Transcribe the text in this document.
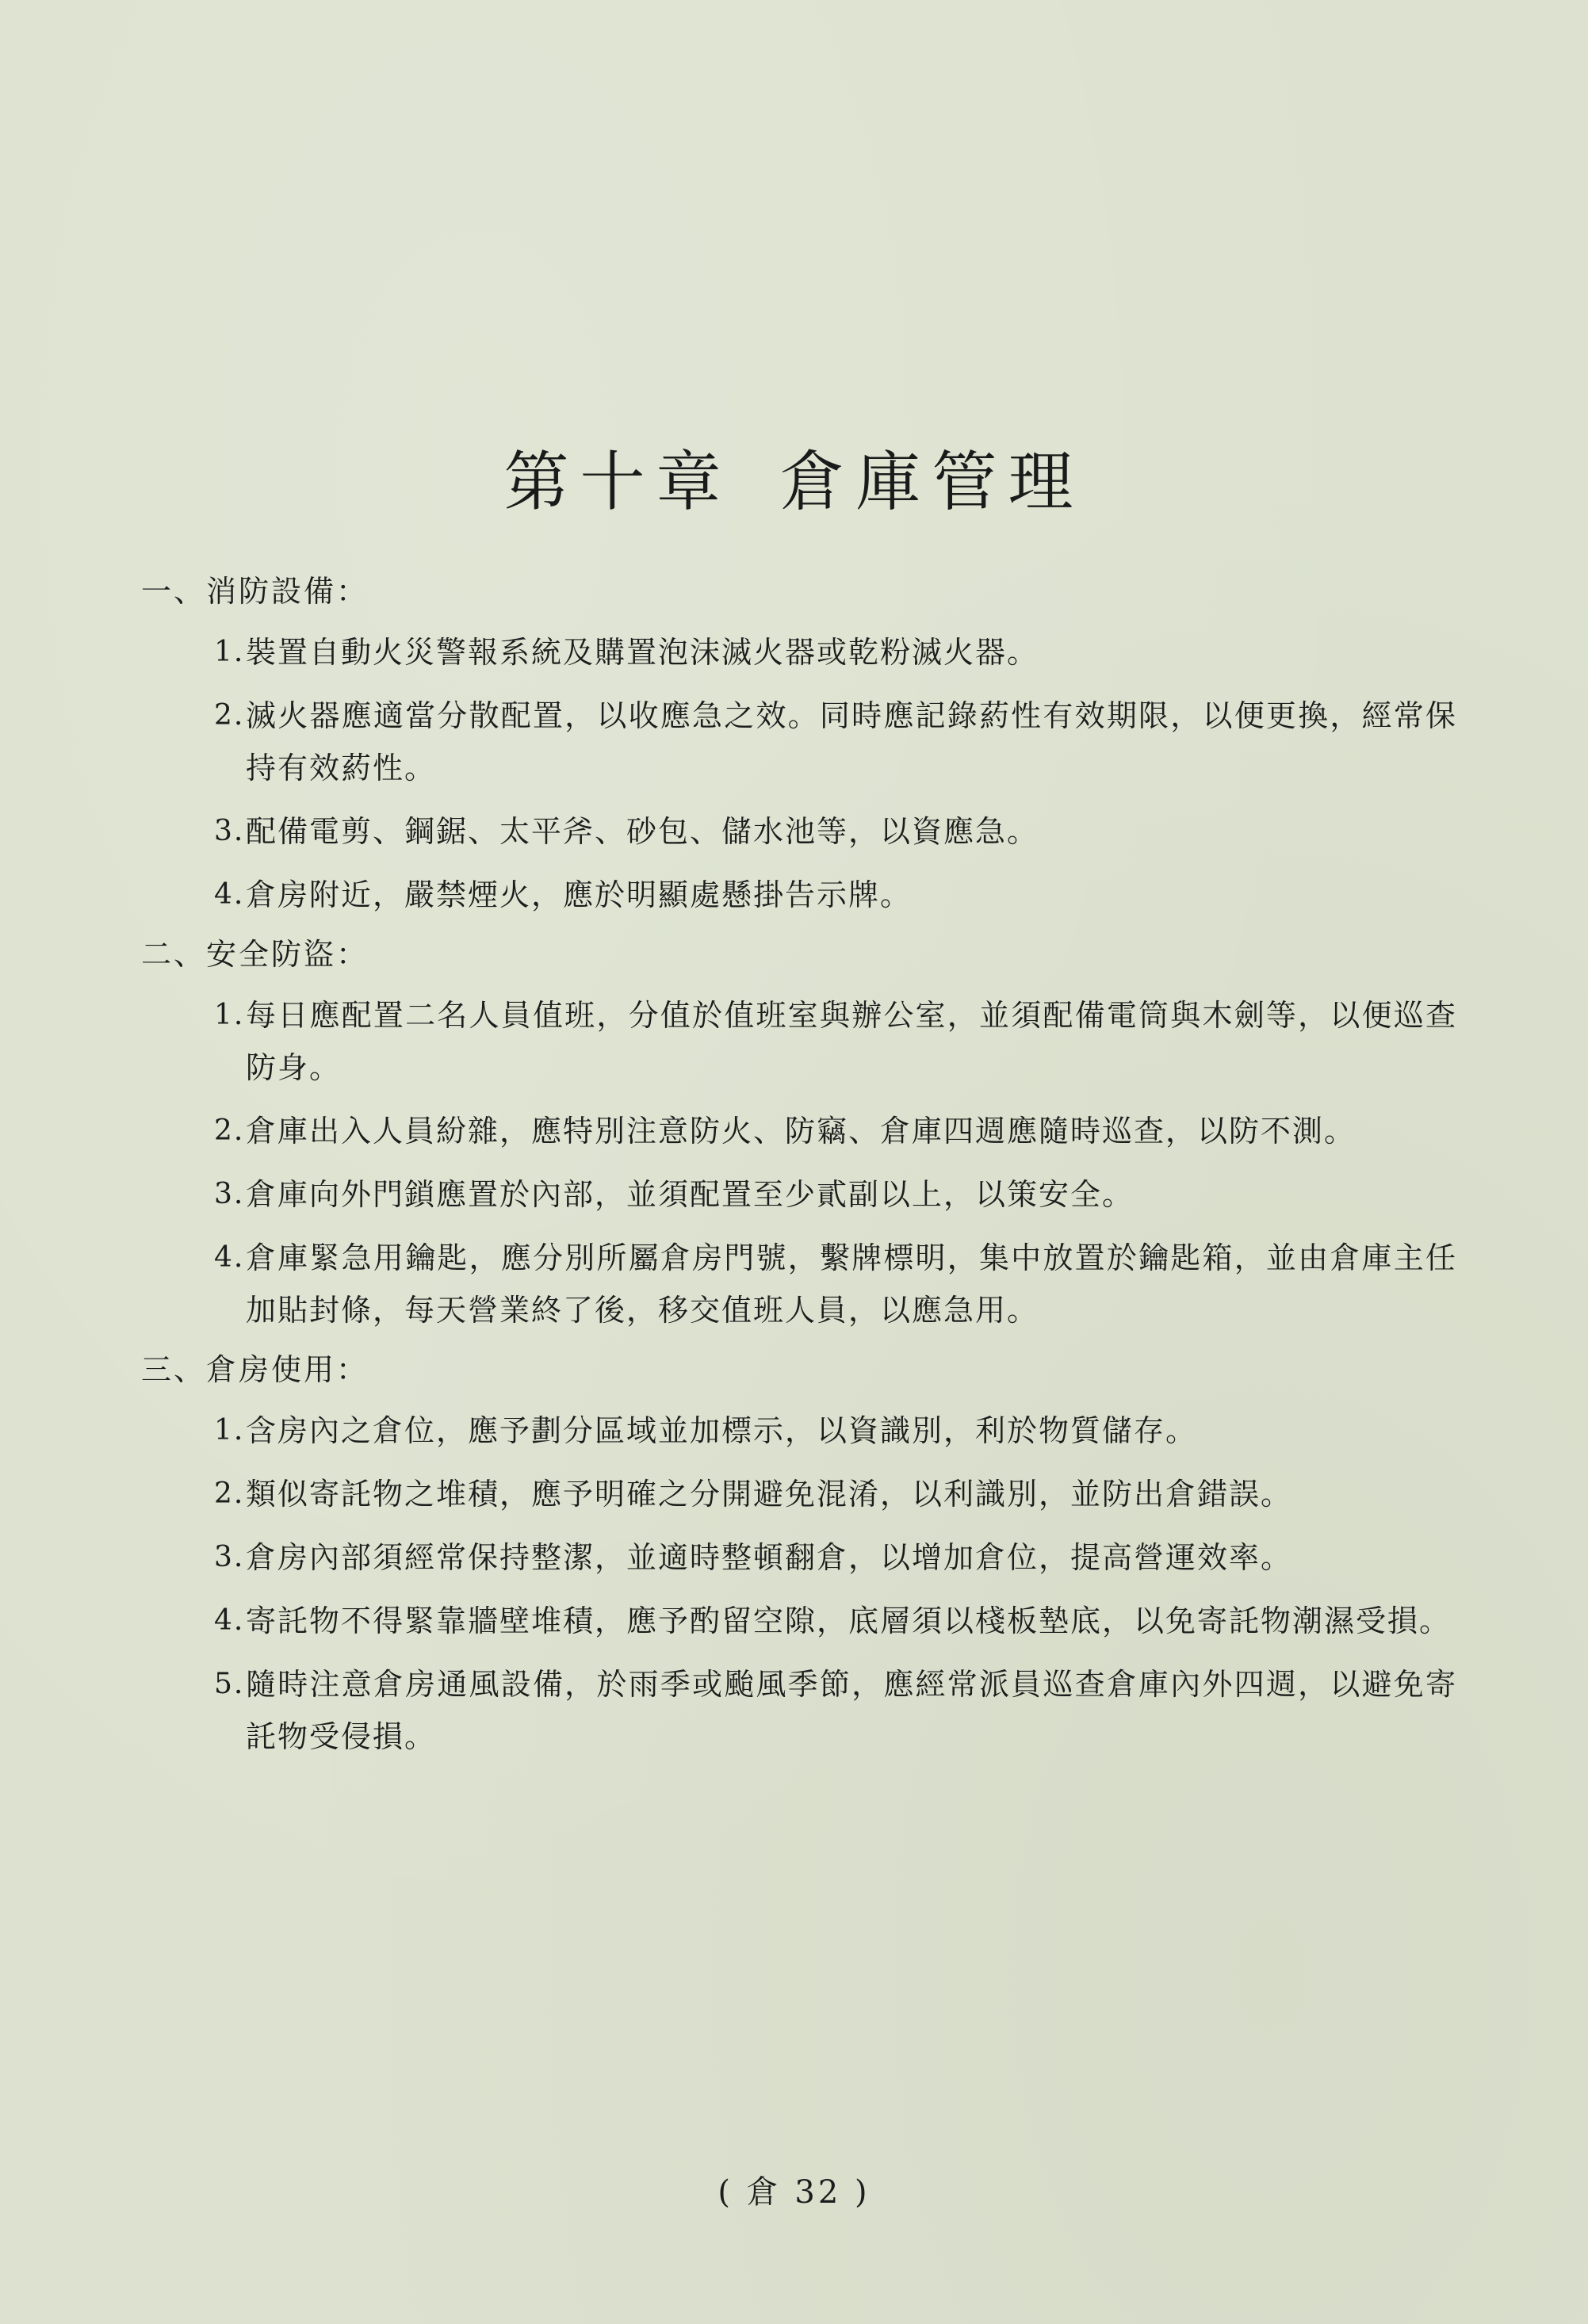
第十章 倉庫管理
一、消防設備：
1. 裝置自動火災警報系統及購置泡沫滅火器或乾粉滅火器。
2. 滅火器應適當分散配置，以收應急之效。同時應記錄葯性有效期限，以便更換，經常保持有效葯性。
3. 配備電剪、鋼鋸、太平斧、砂包、儲水池等，以資應急。
4. 倉房附近，嚴禁煙火，應於明顯處懸掛告示牌。
二、安全防盜：
1. 每日應配置二名人員值班，分值於值班室與辦公室，並須配備電筒與木劍等，以便巡查防身。
2. 倉庫出入人員紛雜，應特別注意防火、防竊、倉庫四週應隨時巡查，以防不測。
3. 倉庫向外門鎖應置於內部，並須配置至少貳副以上，以策安全。
4. 倉庫緊急用鑰匙，應分別所屬倉房門號，繫牌標明，集中放置於鑰匙箱，並由倉庫主任加貼封條，每天營業終了後，移交值班人員，以應急用。
三、倉房使用：
1. 含房內之倉位，應予劃分區域並加標示，以資識別，利於物質儲存。
2. 類似寄託物之堆積，應予明確之分開避免混淆，以利識別，並防出倉錯誤。
3. 倉房內部須經常保持整潔，並適時整頓翻倉，以增加倉位，提高營運效率。
4. 寄託物不得緊靠牆壁堆積，應予酌留空隙，底層須以棧板墊底，以免寄託物潮濕受損。
5. 隨時注意倉房通風設備，於雨季或颱風季節，應經常派員巡查倉庫內外四週，以避免寄託物受侵損。
( 倉 32 )
